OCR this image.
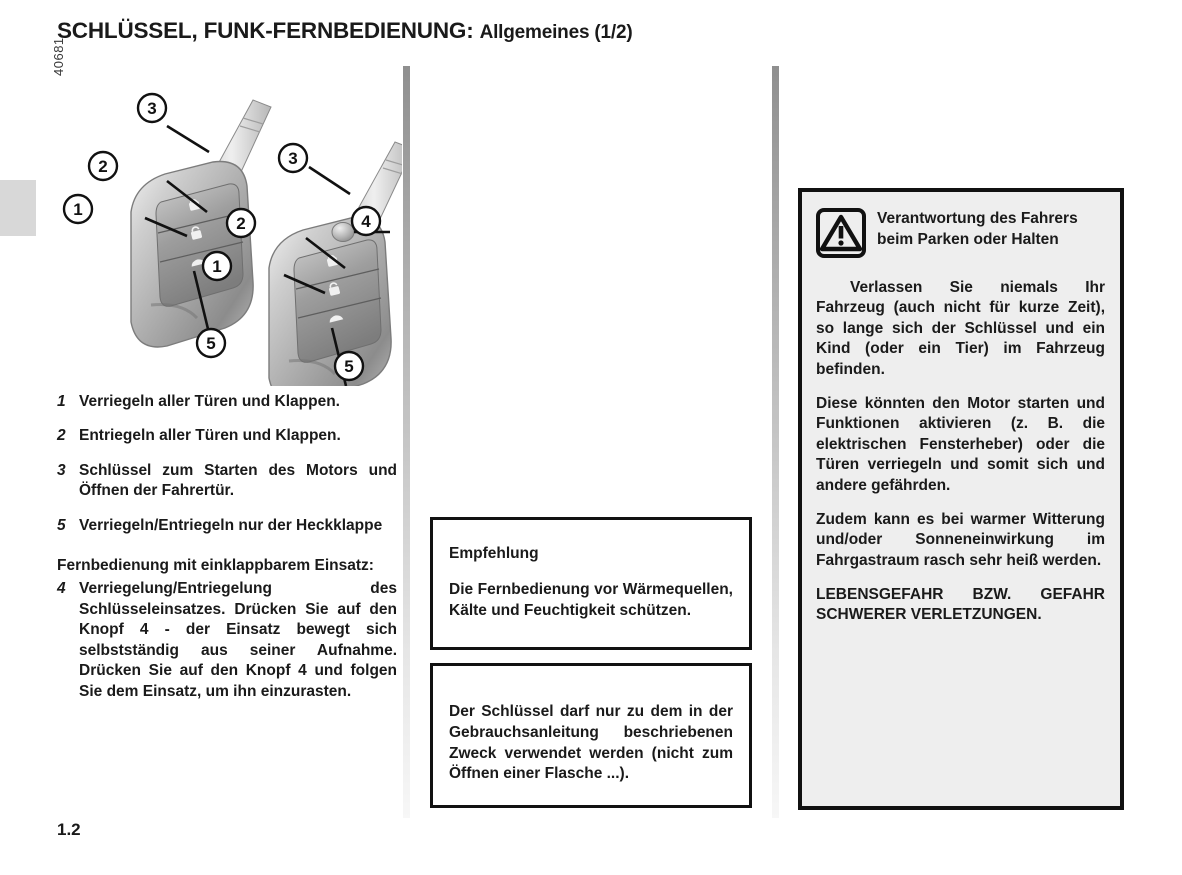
SCHLÜSSEL, FUNK-FERNBEDIENUNG: Allgemeines (1/2)
40681
3
2
1
5
3
2
1
4
5
1 Verriegeln aller Türen und Klappen.
2 Entriegeln aller Türen und Klappen.
3 Schlüssel zum Starten des Motors und Öffnen der Fahrertür.
5 Verriegeln/Entriegeln nur der Heckklappe
Fernbedienung mit einklappbarem Einsatz:
4 Verriegelung/Entriegelung des Schlüsseleinsatzes. Drücken Sie auf den Knopf 4 - der Einsatz bewegt sich selbstständig aus seiner Aufnahme. Drücken Sie auf den Knopf 4 und folgen Sie dem Einsatz, um ihn einzurasten.
Empfehlung
Die Fernbedienung vor Wärmequellen, Kälte und Feuchtigkeit schützen.
Der Schlüssel darf nur zu dem in der Gebrauchsanleitung beschriebenen Zweck verwendet werden (nicht zum Öffnen einer Flasche ...).
Verantwortung des Fahrers beim Parken oder Halten
Verlassen Sie niemals Ihr Fahrzeug (auch nicht für kurze Zeit), so lange sich der Schlüssel und ein Kind (oder ein Tier) im Fahrzeug befinden.
Diese könnten den Motor starten und Funktionen aktivieren (z. B. die elektrischen Fensterheber) oder die Türen verriegeln und somit sich und andere gefährden.
Zudem kann es bei warmer Witterung und/oder Sonneneinwirkung im Fahrgastraum rasch sehr heiß werden.
LEBENSGEFAHR BZW. GEFAHR SCHWERER VERLETZUNGEN.
1.2
